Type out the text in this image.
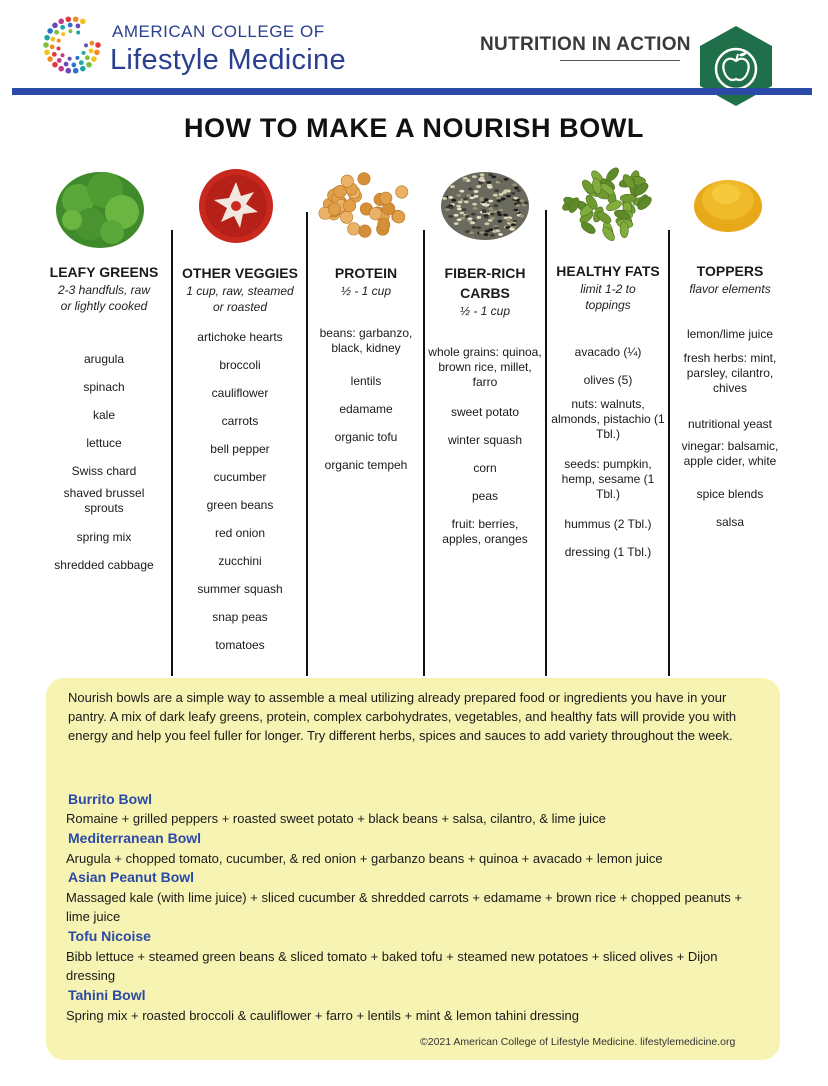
AMERICAN COLLEGE OF
Lifestyle Medicine	NUTRITION IN ACTION
HOW TO MAKE A NOURISH BOWL
LEAFY GREENS
2-3 handfuls, raw
or lightly cooked
arugula
spinach
kale
lettuce
Swiss chard
shaved brussel sprouts
spring mix
shredded cabbage
OTHER VEGGIES
1 cup, raw, steamed
or roasted
artichoke hearts
broccoli
cauliflower
carrots
bell pepper
cucumber
green beans
red onion
zucchini
summer squash
snap peas
tomatoes
PROTEIN
½ - 1 cup
beans: garbanzo, black, kidney
lentils
edamame
organic tofu
organic tempeh
FIBER-RICH
CARBS
½ - 1 cup
whole grains: quinoa, brown rice, millet, farro
sweet potato
winter squash
corn
peas
fruit: berries, apples, oranges
HEALTHY FATS
limit 1-2 to
toppings
avacado (¼)
olives (5)
nuts: walnuts, almonds, pistachio (1 Tbl.)
seeds: pumpkin, hemp, sesame (1 Tbl.)
hummus (2 Tbl.)
dressing (1 Tbl.)
TOPPERS
flavor elements
lemon/lime juice
fresh herbs: mint, parsley, cilantro, chives
nutritional yeast
vinegar: balsamic, apple cider, white
spice blends
salsa
Nourish bowls are a simple way to assemble a meal utilizing already prepared food or ingredients you have in your pantry. A mix of dark leafy greens, protein, complex carbohydrates, vegetables, and healthy fats will provide you with energy and help you feel fuller for longer. Try different herbs, spices and sauces to add variety throughout the week.
Burrito Bowl
Romaine + grilled peppers + roasted sweet potato + black beans + salsa, cilantro, & lime juice
Mediterranean Bowl
Arugula + chopped tomato, cucumber, & red onion + garbanzo beans + quinoa + avacado + lemon juice
Asian Peanut Bowl
Massaged kale (with lime juice) + sliced cucumber & shredded carrots + edamame + brown rice + chopped peanuts + lime juice
Tofu Nicoise
Bibb lettuce + steamed green beans & sliced tomato + baked tofu + steamed new potatoes + sliced olives + Dijon dressing
Tahini Bowl
Spring mix + roasted broccoli & cauliflower + farro + lentils + mint & lemon tahini dressing
©2021 American College of Lifestyle Medicine. lifestylemedicine.org
